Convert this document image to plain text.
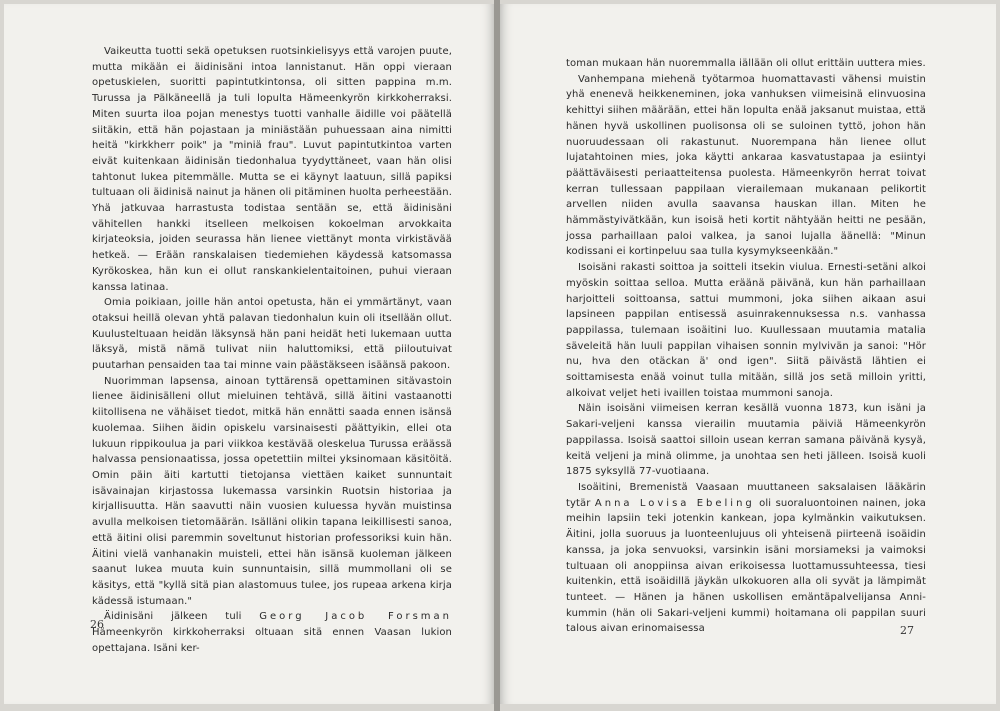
Vaikeutta tuotti sekä opetuksen ruotsinkielisyys että varojen puute, mutta mikään ei äidinisäni intoa lannistanut. Hän oppi vieraan opetuskielen, suoritti papintutkintonsa, oli sitten pappina m.m. Turussa ja Pälkäneellä ja tuli lopulta Hämeenkyrön kirkkoherraksi. Miten suurta iloa pojan menestys tuotti vanhalle äidille voi päätellä siitäkin, että hän pojastaan ja miniästään puhuessaan aina nimitti heitä "kirkkherr poik" ja "miniä frau". Luvut papintutkintoa varten eivät kuitenkaan äidinisän tiedonhalua tyydyttäneet, vaan hän olisi tahtonut lukea pitemmälle. Mutta se ei käynyt laatuun, sillä papiksi tultuaan oli äidinisä nainut ja hänen oli pitäminen huolta perheestään. Yhä jatkuvaa harrastusta todistaa sentään se, että äidinisäni vähitellen hankki itselleen melkoisen kokoelman arvokkaita kirjateoksia, joiden seurassa hän lienee viettänyt monta virkistävää hetkeä. — Erään ranskalaisen tiedemiehen käydessä katsomassa Kyrökoskea, hän kun ei ollut ranskankielentaitoinen, puhui vieraan kanssa latinaa.

Omia poikiaan, joille hän antoi opetusta, hän ei ymmärtänyt, vaan otaksui heillä olevan yhtä palavan tiedonhalun kuin oli itsellään ollut. Kuulusteltuaan heidän läksynsä hän pani heidät heti lukemaan uutta läksyä, mistä nämä tulivat niin haluttomiksi, että piiloutuivat puutarhan pensaiden taa tai minne vain päästäkseen isäänsä pakoon.

Nuorimman lapsensa, ainoan tyttärensä opettaminen sitävastoin lienee äidinisälleni ollut mieluinen tehtävä, sillä äitini vastaanotti kiitollisena ne vähäiset tiedot, mitkä hän ennätti saada ennen isänsä kuolemaa. Siihen äidin opiskelu varsinaisesti päättyikin, ellei ota lukuun rippikoulua ja pari viikkoa kestävää oleskelua Turussa eräässä halvassa pensionaatissa, jossa opetettiin miltei yksinomaan käsitöitä. Omin päin äiti kartutti tietojansa viettäen kaiket sunnuntait isävainajan kirjastossa lukemassa varsinkin Ruotsin historiaa ja kirjallisuutta. Hän saavutti näin vuosien kuluessa hyvän muistinsa avulla melkoisen tietomäärän. Isälläni olikin tapana leikillisesti sanoa, että äitini olisi paremmin soveltunut historian professoriksi kuin hän. Äitini vielä vanhanakin muisteli, ettei hän isänsä kuoleman jälkeen saanut lukea muuta kuin sunnuntaisin, sillä mummollani oli se käsitys, että "kyllä sitä pian alastomuus tulee, jos rupeaa arkena kirja kädessä istumaan."

Äidinisäni jälkeen tuli Georg Jacob Forsman Hämeenkyrön kirkkoherraksi oltuaan sitä ennen Vaasan lukion opettajana. Isäni ker-

26

toman mukaan hän nuoremmalla iällään oli ollut erittäin uuttera mies.

Vanhempana miehenä työtarmoa huomattavasti vähensi muistin yhä enenevä heikkeneminen, joka vanhuksen viimeisinä elinvuosina kehittyi siihen määrään, ettei hän lopulta enää jaksanut muistaa, että hänen hyvä uskollinen puolisonsa oli se suloinen tyttö, johon hän nuoruudessaan oli rakastunut. Nuorempana hän lienee ollut lujatahtoinen mies, joka käytti ankaraa kasvatustapaa ja esiintyi päättäväisesti periaatteitensa puolesta. Hämeenkyrön herrat toivat kerran tullessaan pappilaan vierailemaan mukanaan pelikortit arvellen niiden avulla saavansa hauskan illan. Miten he hämmästyivätkään, kun isoisä heti kortit nähtyään heitti ne pesään, jossa parhaillaan paloi valkea, ja sanoi lujalla äänellä: "Minun kodissani ei kortinpeluu saa tulla kysymykseenkään."

Isoisäni rakasti soittoa ja soitteli itsekin viulua. Ernesti-setäni alkoi myöskin soittaa selloa. Mutta eräänä päivänä, kun hän parhaillaan harjoitteli soittoansa, sattui mummoni, joka siihen aikaan asui lapsineen pappilan entisessä asuinrakennuksessa n.s. vanhassa pappilassa, tulemaan isoäitini luo. Kuullessaan muutamia matalia säveleitä hän luuli pappilan vihaisen sonnin mylvivän ja sanoi: "Hör nu, hva den otäckan ä' ond igen". Siitä päivästä lähtien ei soittamisesta enää voinut tulla mitään, sillä jos setä milloin yritti, alkoivat veljet heti ivaillen toistaa mummoni sanoja.

Näin isoisäni viimeisen kerran kesällä vuonna 1873, kun isäni ja Sakari-veljeni kanssa vierailin muutamia päiviä Hämeenkyrön pappilassa. Isoisä saattoi silloin usean kerran samana päivänä kysyä, keitä veljeni ja minä olimme, ja unohtaa sen heti jälleen. Isoisä kuoli 1875 syksyllä 77-vuotiaana.

Isoäitini, Bremenistä Vaasaan muuttaneen saksalaisen lääkärin tytär Anna Lovisa Ebeling oli suoraluontoinen nainen, joka meihin lapsiin teki jotenkin kankean, jopa kylmänkin vaikutuksen. Äitini, jolla suoruus ja luonteenlujuus oli yhteisenä piirteenä isoäidin kanssa, ja joka senvuoksi, varsinkin isäni morsiameksi ja vaimoksi tultuaan oli anoppiinsa aivan erikoisessa luottamussuhteessa, tiesi kuitenkin, että isoäidillä jäykän ulkokuoren alla oli syvät ja lämpimät tunteet. — Hänen ja hänen uskollisen emäntäpalvelijansa Anni-kummin (hän oli Sakari-veljeni kummi) hoitamana oli pappilan suuri talous aivan erinomaisessa	27
